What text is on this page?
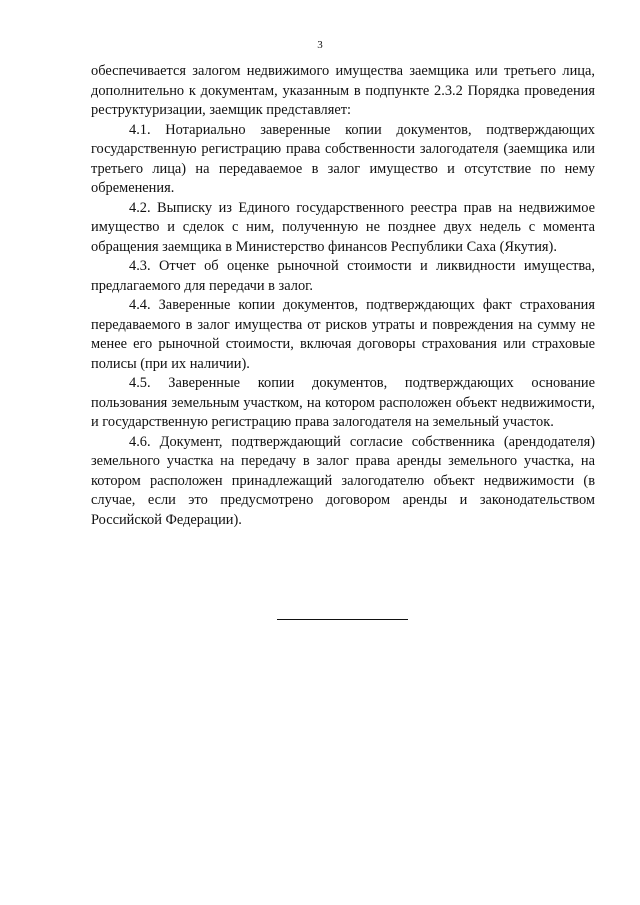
3

обеспечивается залогом недвижимого имущества заемщика или третьего лица, дополнительно к документам, указанным в подпункте 2.3.2 Порядка проведения реструктуризации, заемщик представляет:

4.1. Нотариально заверенные копии документов, подтверждающих государственную регистрацию права собственности залогодателя (заемщика или третьего лица) на передаваемое в залог имущество и отсутствие по нему обременения.

4.2. Выписку из Единого государственного реестра прав на недвижимое имущество и сделок с ним, полученную не позднее двух недель с момента обращения заемщика в Министерство финансов Республики Саха (Якутия).

4.3. Отчет об оценке рыночной стоимости и ликвидности имущества, предлагаемого для передачи в залог.

4.4. Заверенные копии документов, подтверждающих факт страхования передаваемого в залог имущества от рисков утраты и повреждения на сумму не менее его рыночной стоимости, включая договоры страхования или страховые полисы (при их наличии).

4.5. Заверенные копии документов, подтверждающих основание пользования земельным участком, на котором расположен объект недвижимости, и государственную регистрацию права залогодателя на земельный участок.

4.6. Документ, подтверждающий согласие собственника (арендодателя) земельного участка на передачу в залог права аренды земельного участка, на котором расположен принадлежащий залогодателю объект недвижимости (в случае, если это предусмотрено договором аренды и законодательством Российской Федерации).
